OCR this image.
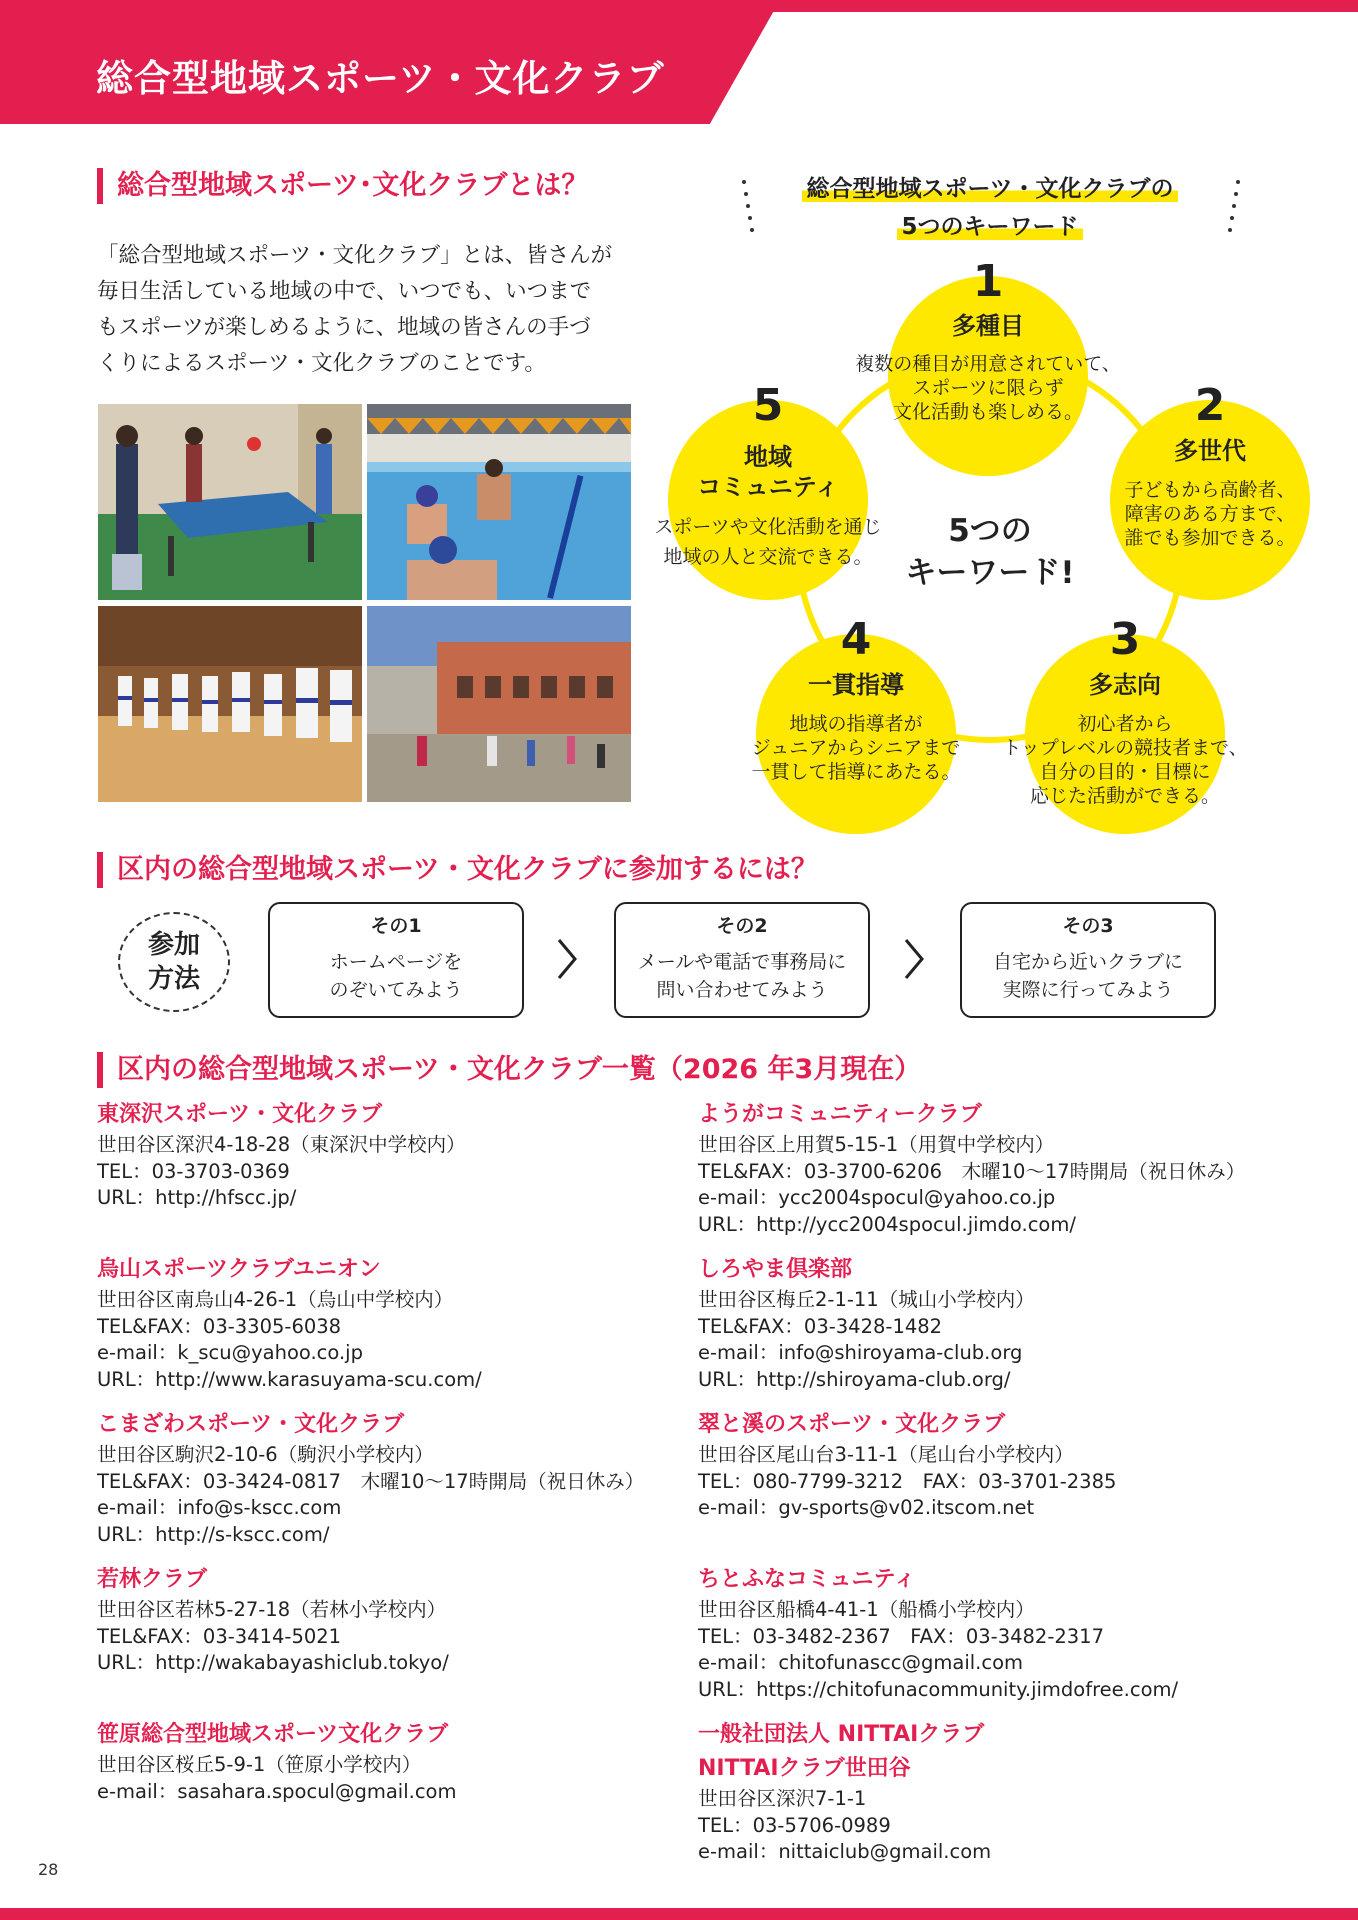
総合型地域スポーツ・文化クラブ
総合型地域スポーツ･文化クラブとは？
「総合型地域スポーツ・文化クラブ」とは、皆さんが
毎日生活している地域の中で、いつでも、いつまで
もスポーツが楽しめるように、地域の皆さんの手づ
くりによるスポーツ・文化クラブのことです。
総合型地域スポーツ・文化クラブの
5つのキーワード
5つの
キーワード!
1
多種目
複数の種目が用意されていて、
スポーツに限らず
文化活動も楽しめる。	2
多世代
子どもから高齢者、
障害のある方まで、
誰でも参加できる。
3
多志向
初心者から
トップレベルの競技者まで、
自分の目的・目標に
応じた活動ができる。
4
一貫指導
地域の指導者が
ジュニアからシニアまで
一貫して指導にあたる。
5
地域
コミュニティ
スポーツや文化活動を通じ
地域の人と交流できる。
区内の総合型地域スポーツ・文化クラブに参加するには？
参加
方法
その1
ホームページを
のぞいてみよう
その2
メールや電話で事務局に
問い合わせてみよう
その3
自宅から近いクラブに
実際に行ってみよう
区内の総合型地域スポーツ・文化クラブ一覧（2026 年3月現在）
東深沢スポーツ・文化クラブ
世田谷区深沢4-18-28（東深沢中学校内）
TEL：03-3703-0369
URL：http://hfscc.jp/
烏山スポーツクラブユニオン
世田谷区南烏山4-26-1（烏山中学校内）
TEL&FAX：03-3305-6038
e-mail：k_scu@yahoo.co.jp
URL：http://www.karasuyama-scu.com/
こまざわスポーツ・文化クラブ
世田谷区駒沢2-10-6（駒沢小学校内）
TEL&FAX：03-3424-0817　木曜10～17時開局（祝日休み）
e-mail：info@s-kscc.com
URL：http://s-kscc.com/
若林クラブ
世田谷区若林5-27-18（若林小学校内）
TEL&FAX：03-3414-5021
URL：http://wakabayashiclub.tokyo/
笹原総合型地域スポーツ文化クラブ
世田谷区桜丘5-9-1（笹原小学校内）
e-mail：sasahara.spocul@gmail.com
ようがコミュニティークラブ
世田谷区上用賀5-15-1（用賀中学校内）
TEL&FAX：03-3700-6206　木曜10～17時開局（祝日休み）
e-mail：ycc2004spocul@yahoo.co.jp
URL：http://ycc2004spocul.jimdo.com/
しろやま倶楽部
世田谷区梅丘2-1-11（城山小学校内）
TEL&FAX：03-3428-1482
e-mail：info@shiroyama-club.org
URL：http://shiroyama-club.org/
翠と溪のスポーツ・文化クラブ
世田谷区尾山台3-11-1（尾山台小学校内）
TEL：080-7799-3212　FAX：03-3701-2385
e-mail：gv-sports@v02.itscom.net
ちとふなコミュニティ
世田谷区船橋4-41-1（船橋小学校内）
TEL：03-3482-2367　FAX：03-3482-2317
e-mail：chitofunascc@gmail.com
URL：https://chitofunacommunity.jimdofree.com/
一般社団法人 NITTAIクラブ
NITTAIクラブ世田谷
世田谷区深沢7-1-1
TEL：03-5706-0989
e-mail：nittaiclub@gmail.com
28
